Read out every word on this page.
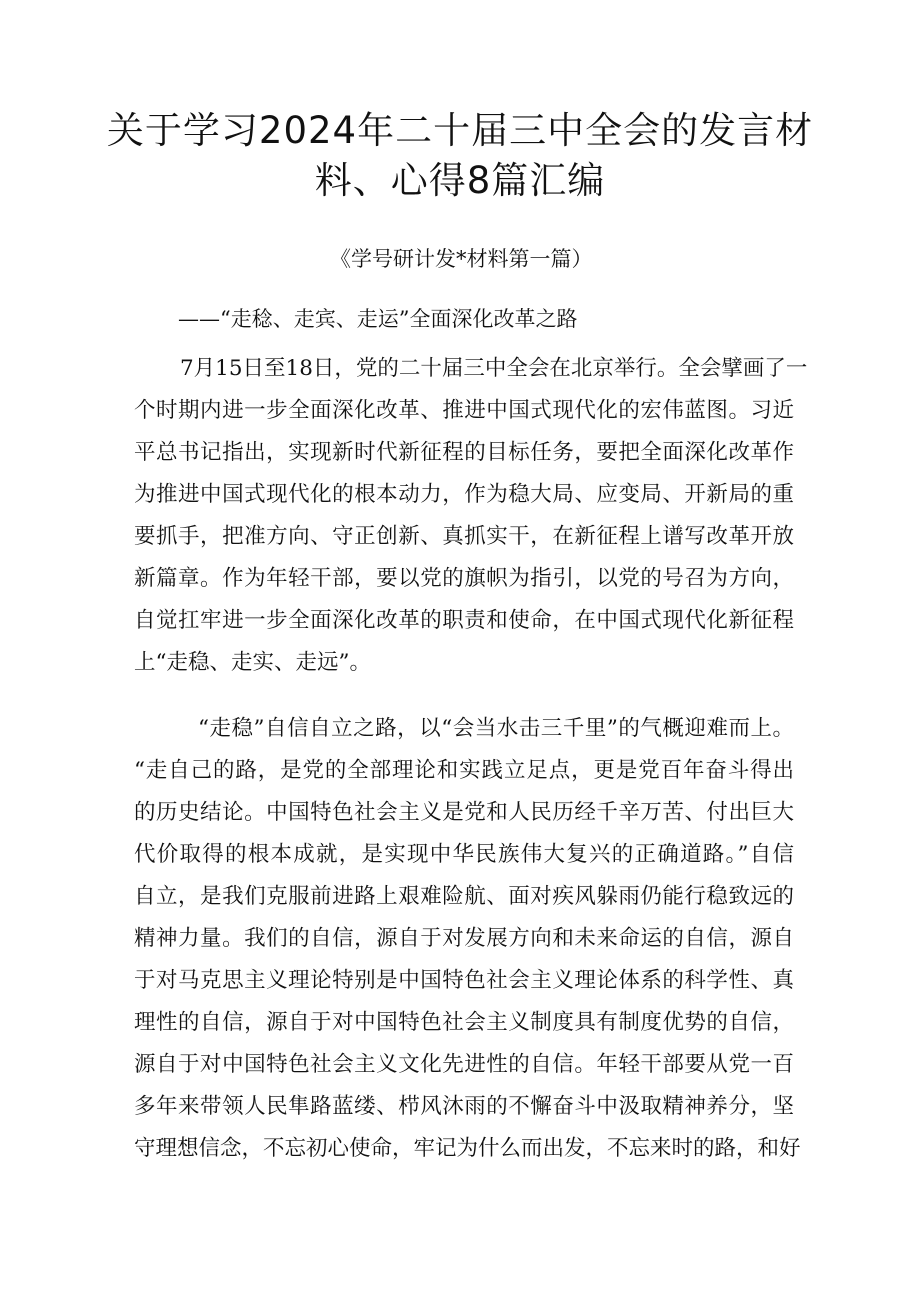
关于学习2024年二十届三中全会的发言材
料、心得8篇汇编
《学号研计发*材料第一篇）
——“走稔、走宾、走运”全面深化改革之路
7月15日至18日，党的二十届三中全会在北京举行。全会擘画了一
个时期内进一步全面深化改革、推进中国式现代化的宏伟蓝图。习近
平总书记指出，实现新时代新征程的目标任务，要把全面深化改革作
为推进中国式现代化的根本动力，作为稳大局、应变局、开新局的重
要抓手，把准方向、守正创新、真抓实干，在新征程上谱写改革开放
新篇章。作为年轻干部，要以党的旗帜为指引，以党的号召为方向，
自觉扛牢进一步全面深化改革的职责和使命，在中国式现代化新征程
上“走稳、走实、走远”。
“走稳”自信自立之路，以“会当水击三千里”的气概迎难而上。
“走自己的路，是党的全部理论和实践立足点，更是党百年奋斗得出
的历史结论。中国特色社会主义是党和人民历经千辛万苦、付出巨大
代价取得的根本成就，是实现中华民族伟大复兴的正确道路。”自信
自立，是我们克服前进路上艰难险航、面对疾风躲雨仍能行稳致远的
精神力量。我们的自信，源自于对发展方向和未来命运的自信，源自
于对马克思主义理论特别是中国特色社会主义理论体系的科学性、真
理性的自信，源自于对中国特色社会主义制度具有制度优势的自信，
源自于对中国特色社会主义文化先进性的自信。年轻干部要从党一百
多年来带领人民隼路蓝缕、栉风沐雨的不懈奋斗中汲取精神养分，坚
守理想信念，不忘初心使命，牢记为什么而出发，不忘来时的路，和好
